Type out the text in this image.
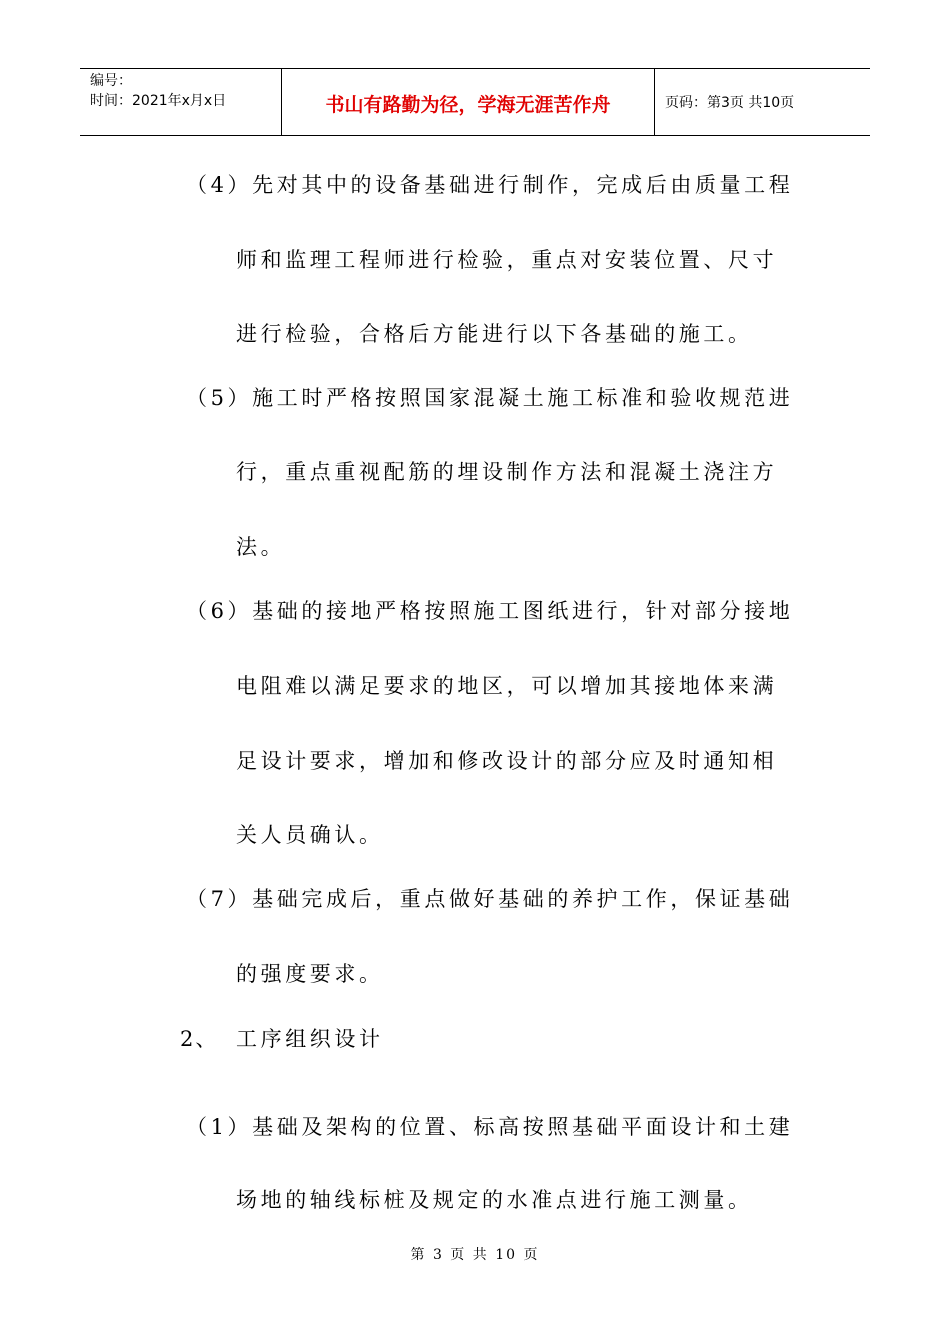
编号：
时间：2021年x月x日	书山有路勤为径，学海无涯苦作舟	页码：第3页 共10页
（4）先对其中的设备基础进行制作，完成后由质量工程
师和监理工程师进行检验，重点对安装位置、尺寸
进行检验，合格后方能进行以下各基础的施工。
（5）施工时严格按照国家混凝土施工标准和验收规范进
行，重点重视配筋的埋设制作方法和混凝土浇注方
法。
（6）基础的接地严格按照施工图纸进行，针对部分接地
电阻难以满足要求的地区，可以增加其接地体来满
足设计要求，增加和修改设计的部分应及时通知相
关人员确认。
（7）基础完成后，重点做好基础的养护工作，保证基础
的强度要求。
2、 工序组织设计
（1）基础及架构的位置、标高按照基础平面设计和土建
场地的轴线标桩及规定的水准点进行施工测量。
第 3 页 共 10 页
